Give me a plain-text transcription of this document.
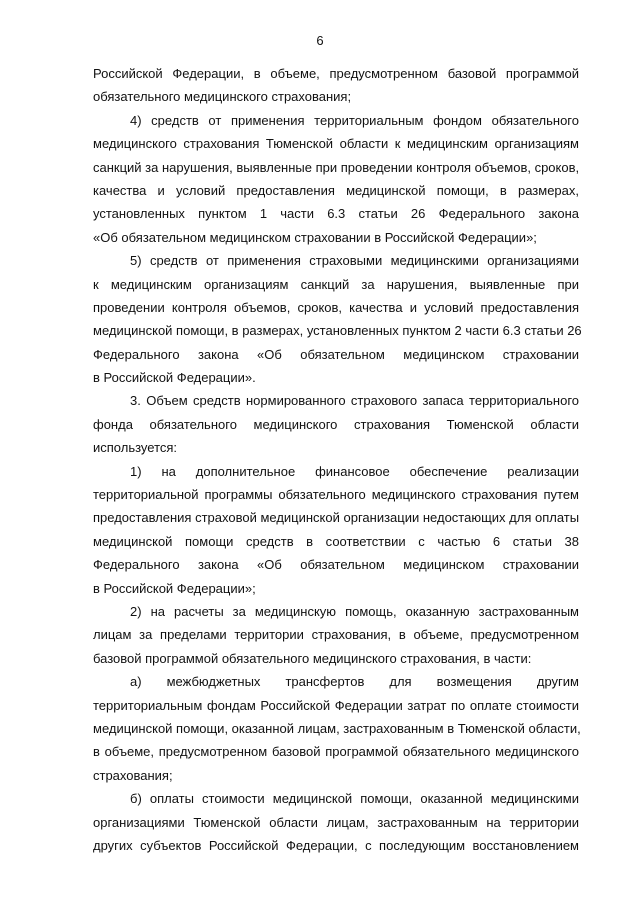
6
Российской Федерации, в объеме, предусмотренном базовой программой
обязательного медицинского страхования;
4) средств от применения территориальным фондом обязательного
медицинского страхования Тюменской области к медицинским организациям
санкций за нарушения, выявленные при проведении контроля объемов, сроков,
качества и условий предоставления медицинской помощи, в размерах,
установленных пунктом 1 части 6.3 статьи 26 Федерального закона
«Об обязательном медицинском страховании в Российской Федерации»;
5) средств от применения страховыми медицинскими организациями
к медицинским организациям санкций за нарушения, выявленные при
проведении контроля объемов, сроков, качества и условий предоставления
медицинской помощи, в размерах, установленных пунктом 2 части 6.3 статьи 26
Федерального закона «Об обязательном медицинском страховании
в Российской Федерации».
3. Объем средств нормированного страхового запаса территориального
фонда обязательного медицинского страхования Тюменской области
используется:
1) на дополнительное финансовое обеспечение реализации
территориальной программы обязательного медицинского страхования путем
предоставления страховой медицинской организации недостающих для оплаты
медицинской помощи средств в соответствии с частью 6 статьи 38
Федерального закона «Об обязательном медицинском страховании
в Российской Федерации»;
2) на расчеты за медицинскую помощь, оказанную застрахованным
лицам за пределами территории страхования, в объеме, предусмотренном
базовой программой обязательного медицинского страхования, в части:
а) межбюджетных трансфертов для возмещения другим
территориальным фондам Российской Федерации затрат по оплате стоимости
медицинской помощи, оказанной лицам, застрахованным в Тюменской области,
в объеме, предусмотренном базовой программой обязательного медицинского
страхования;
б) оплаты стоимости медицинской помощи, оказанной медицинскими
организациями Тюменской области лицам, застрахованным на территории
других субъектов Российской Федерации, с последующим восстановлением
